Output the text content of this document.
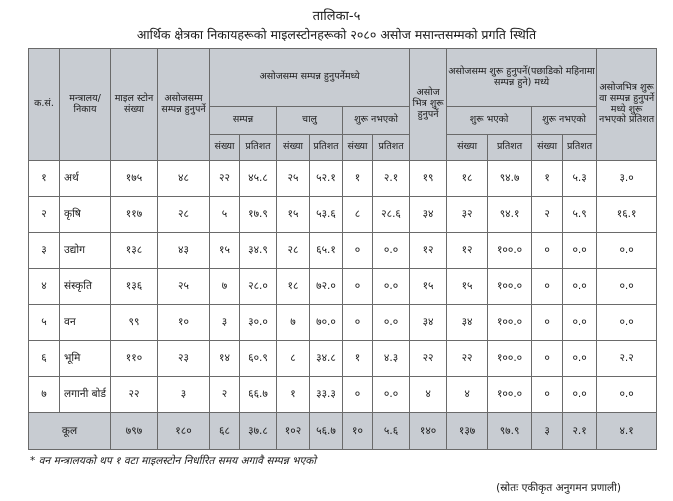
तालिका-५
आर्थिक क्षेत्रका निकायहरूको माइलस्टोनहरूको २०८० असोज मसान्तसम्मको प्रगति स्थिति
क.सं.	मन्त्रालय/ निकाय	माइल स्टोन संख्या	असोजसम्म सम्पन्न हुनुपर्ने	असोजसम्म सम्पन्न हुनुपर्नेमध्ये						असोज भित्र शुरू हुनुपर्ने	असोजसम्म शुरू हुनुपर्ने(पछाडिको महिनामा सम्पन्न हुने) मध्ये				असोजभित्र शुरू वा सम्पन्न हुनुपर्ने मध्ये शुरू नभएको प्रतिशत
				सम्पन्न		चालु		शुरू नभएको			शुरू भएको		शुरू नभएको		
				संख्या	प्रतिशत	संख्या	प्रतिशत	संख्या	प्रतिशत		संख्या	प्रतिशत	संख्या	प्रतिशत	
१	अर्थ	१७५	४८	२२	४५.८	२५	५२.१	१	२.१	१९	१८	९४.७	१	५.३	३.०
२	कृषि	११७	२८	५	१७.९	१५	५३.६	८	२८.६	३४	३२	९४.१	२	५.९	१६.१
३	उद्योग	१३८	४३	१५	३४.९	२८	६५.१	०	०.०	१२	१२	१००.०	०	०.०	०.०
४	संस्कृति	१३६	२५	७	२८.०	१८	७२.०	०	०.०	१५	१५	१००.०	०	०.०	०.०
५	वन	९९	१०	३	३०.०	७	७०.०	०	०.०	३४	३४	१००.०	०	०.०	०.०
६	भूमि	११०	२३	१४	६०.९	८	३४.८	१	४.३	२२	२२	१००.०	०	०.०	२.२
७	लगानी बोर्ड	२२	३	२	६६.७	१	३३.३	०	०.०	४	४	१००.०	०	०.०	०.०
कूल		७९७	१८०	६८	३७.८	१०२	५६.७	१०	५.६	१४०	१३७	९७.९	३	२.१	४.१
* वन मन्त्रालयको थप १ वटा माइलस्टोन निर्धारित समय अगावै सम्पन्न भएको
(स्रोतः एकीकृत अनुगमन प्रणाली)
